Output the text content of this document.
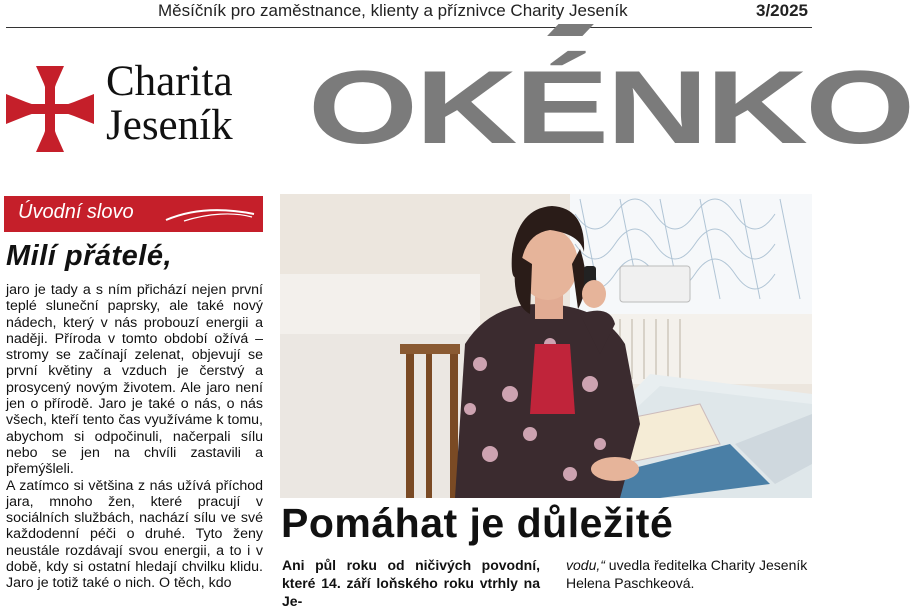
Měsíčník pro zaměstnance, klienty a příznivce Charity Jeseník	3/2025
Charita
Jeseník OKÉNKO
Úvodní slovo
Milí přátelé,

jaro je tady a s ním přichází nejen první teplé sluneční paprsky, ale také nový nádech, který v nás probouzí energii a naději. Příroda v tomto období ožívá – stromy se začínají zelenat, objevují se první květiny a vzduch je čerstvý a prosycený novým životem. Ale jaro není jen o přírodě. Jaro je také o nás, o nás všech, kteří tento čas využíváme k tomu, abychom si odpočinuli, načerpali sílu nebo se jen na chvíli zastavili a přemýšleli.

A zatímco si většina z nás užívá příchod jara, mnoho žen, které pracují v sociálních službách, nachází sílu ve své každodenní péči o druhé. Tyto ženy neustále rozdávají svou energii, a to i v době, kdy si ostatní hledají chvilku klidu. Jaro je totiž také o nich. O těch, kdo

Pomáhat je důležité
Ani půl roku od ničivých povodní, které 14. září loňského roku vtrhly na Je-
vodu,“ uvedla ředitelka Charity Jeseník Helena Paschkeová.
